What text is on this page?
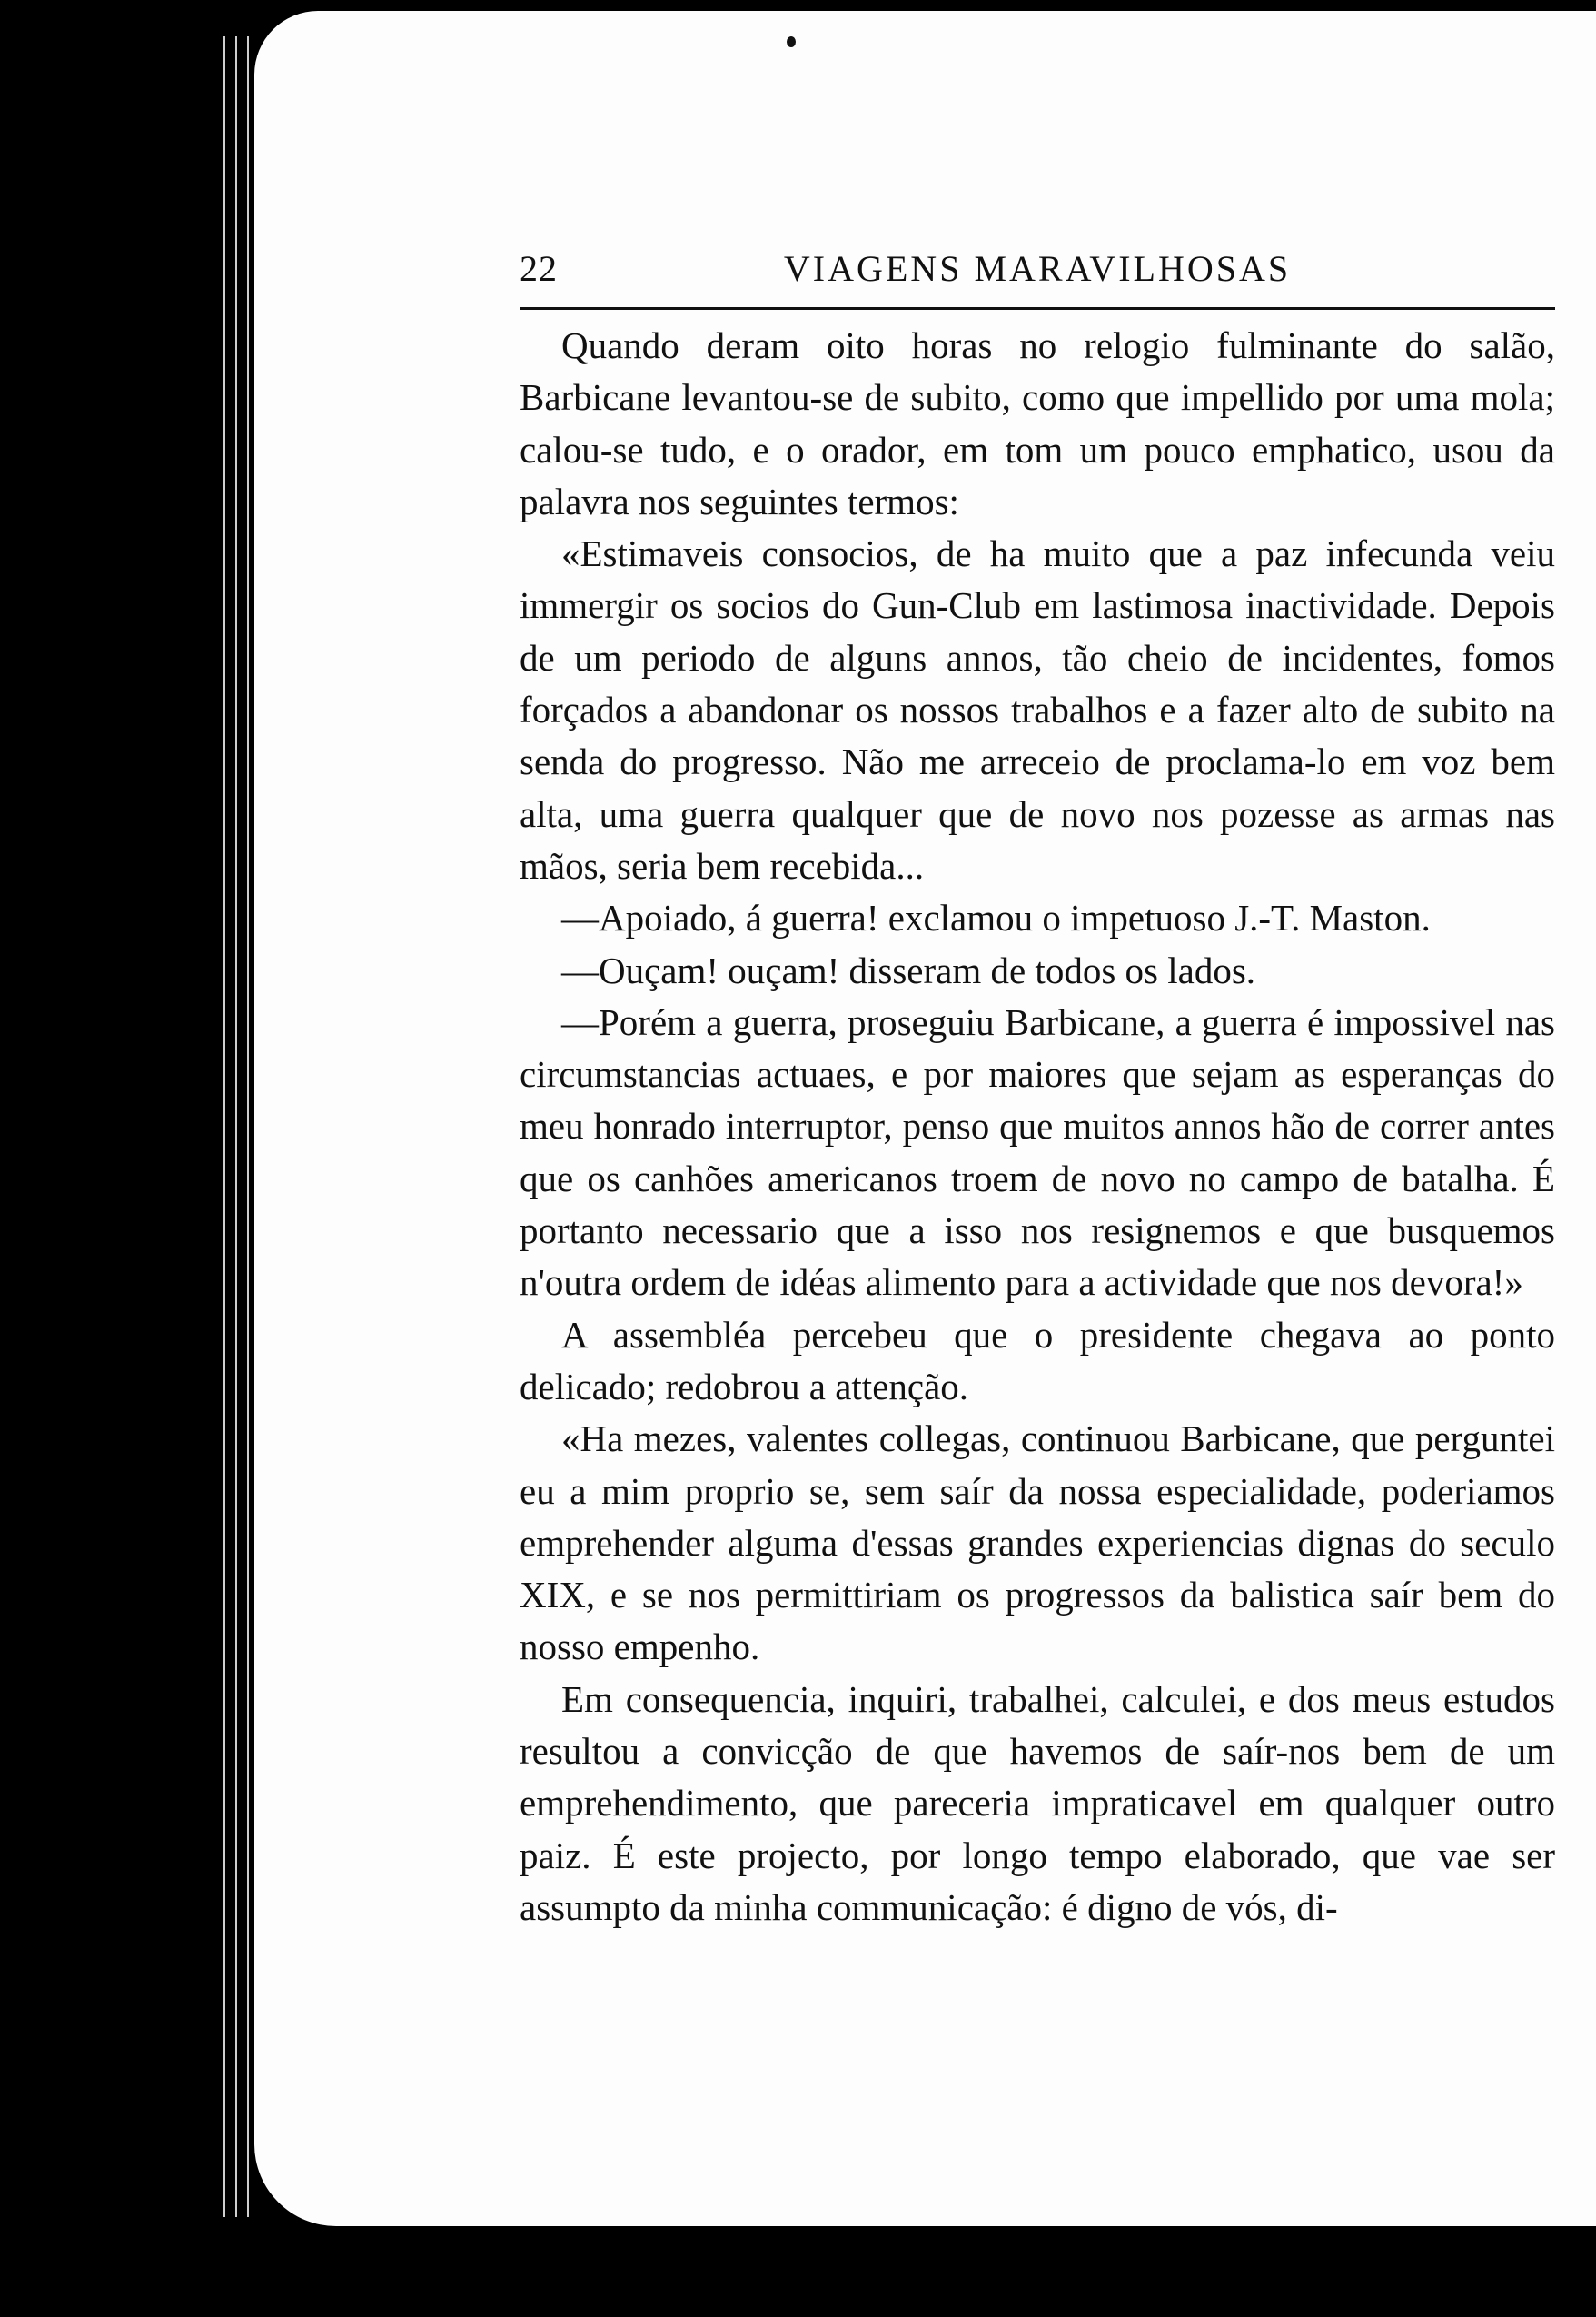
22	VIAGENS MARAVILHOSAS

Quando deram oito horas no relogio fulminante do salão, Barbicane levantou-se de subito, como que impellido por uma mola; calou-se tudo, e o orador, em tom um pouco emphatico, usou da palavra nos seguintes termos:

«Estimaveis consocios, de ha muito que a paz infecunda veiu immergir os socios do Gun-Club em lastimosa inactividade. Depois de um periodo de alguns annos, tão cheio de incidentes, fomos forçados a abandonar os nossos trabalhos e a fazer alto de subito na senda do progresso. Não me arreceio de proclama-lo em voz bem alta, uma guerra qualquer que de novo nos pozesse as armas nas mãos, seria bem recebida...

—Apoiado, á guerra! exclamou o impetuoso J.-T. Maston.

—Ouçam! ouçam! disseram de todos os lados.

—Porém a guerra, proseguiu Barbicane, a guerra é impossivel nas circumstancias actuaes, e por maiores que sejam as esperanças do meu honrado interruptor, penso que muitos annos hão de correr antes que os canhões americanos troem de novo no campo de batalha. É portanto necessario que a isso nos resignemos e que busquemos n'outra ordem de idéas alimento para a actividade que nos devora!»

A assembléa percebeu que o presidente chegava ao ponto delicado; redobrou a attenção.

«Ha mezes, valentes collegas, continuou Barbicane, que perguntei eu a mim proprio se, sem saír da nossa especialidade, poderiamos emprehender alguma d'essas grandes experiencias dignas do seculo XIX, e se nos permittiriam os progressos da balistica saír bem do nosso empenho.

Em consequencia, inquiri, trabalhei, calculei, e dos meus estudos resultou a convicção de que havemos de saír-nos bem de um emprehendimento, que pareceria impraticavel em qualquer outro paiz. É este projecto, por longo tempo elaborado, que vae ser assumpto da minha communicação: é digno de vós, di-
